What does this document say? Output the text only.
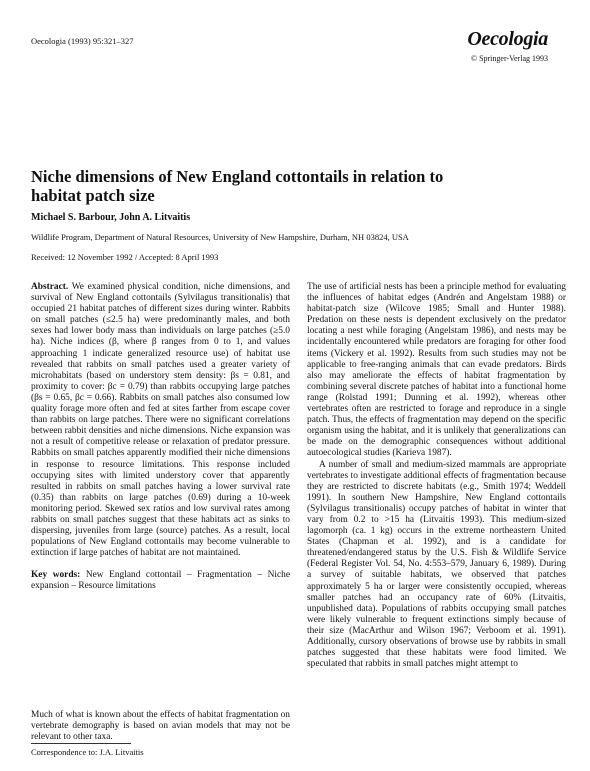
Oecologia (1993) 95:321–327	Oecologia
© Springer-Verlag 1993
Niche dimensions of New England cottontails in relation to habitat patch size
Michael S. Barbour, John A. Litvaitis
Wildlife Program, Department of Natural Resources, University of New Hampshire, Durham, NH 03824, USA
Received: 12 November 1992 / Accepted: 8 April 1993

Abstract. We examined physical condition, niche dimensions, and survival of New England cottontails (Sylvilagus transitionalis) that occupied 21 habitat patches of different sizes during winter. Rabbits on small patches (≤2.5 ha) were predominantly males, and both sexes had lower body mass than individuals on large patches (≥5.0 ha). Niche indices (β, where β ranges from 0 to 1, and values approaching 1 indicate generalized resource use) of habitat use revealed that rabbits on small patches used a greater variety of microhabitats (based on understory stem density: βs = 0.81, and proximity to cover: βc = 0.79) than rabbits occupying large patches (βs = 0.65, βc = 0.66). Rabbits on small patches also consumed low quality forage more often and fed at sites farther from escape cover than rabbits on large patches. There were no significant correlations between rabbit densities and niche dimensions. Niche expansion was not a result of competitive release or relaxation of predator pressure. Rabbits on small patches apparently modified their niche dimensions in response to resource limitations. This response included occupying sites with limited understory cover that apparently resulted in rabbits on small patches having a lower survival rate (0.35) than rabbits on large patches (0.69) during a 10-week monitoring period. Skewed sex ratios and low survival rates among rabbits on small patches suggest that these habitats act as sinks to dispersing, juveniles from large (source) patches. As a result, local populations of New England cottontails may become vulnerable to extinction if large patches of habitat are not maintained.

Key words: New England cottontail – Fragmentation – Niche expansion – Resource limitations

Much of what is known about the effects of habitat fragmentation on vertebrate demography is based on avian models that may not be relevant to other taxa.
Correspondence to: J.A. Litvaitis

The use of artificial nests has been a principle method for evaluating the influences of habitat edges (Andrén and Angelstam 1988) or habitat-patch size (Wilcove 1985; Small and Hunter 1988). Predation on these nests is dependent exclusively on the predator locating a nest while foraging (Angelstam 1986), and nests may be incidentally encountered while predators are foraging for other food items (Vickery et al. 1992). Results from such studies may not be applicable to free-ranging animals that can evade predators. Birds also may ameliorate the effects of habitat fragmentation by combining several discrete patches of habitat into a functional home range (Rolstad 1991; Dunning et al. 1992), whereas other vertebrates often are restricted to forage and reproduce in a single patch. Thus, the effects of fragmentation may depend on the specific organism using the habitat, and it is unlikely that generalizations can be made on the demographic consequences without additional autoecological studies (Karieva 1987).

A number of small and medium-sized mammals are appropriate vertebrates to investigate additional effects of fragmentation because they are restricted to discrete habitats (e.g., Smith 1974; Weddell 1991). In southern New Hampshire, New England cottontails (Sylvilagus transitionalis) occupy patches of habitat in winter that vary from 0.2 to >15 ha (Litvaitis 1993). This medium-sized lagomorph (ca. 1 kg) occurs in the extreme northeastern United States (Chapman et al. 1992), and is a candidate for threatened/endangered status by the U.S. Fish & Wildlife Service (Federal Register Vol. 54, No. 4:553–579, January 6, 1989). During a survey of suitable habitats, we observed that patches approximately 5 ha or larger were consistently occupied, whereas smaller patches had an occupancy rate of 60% (Litvaitis, unpublished data). Populations of rabbits occupying small patches were likely vulnerable to frequent extinctions simply because of their size (MacArthur and Wilson 1967; Verboom et al. 1991). Additionally, cursory observations of browse use by rabbits in small patches suggested that these habitats were food limited. We speculated that rabbits in small patches might attempt to
